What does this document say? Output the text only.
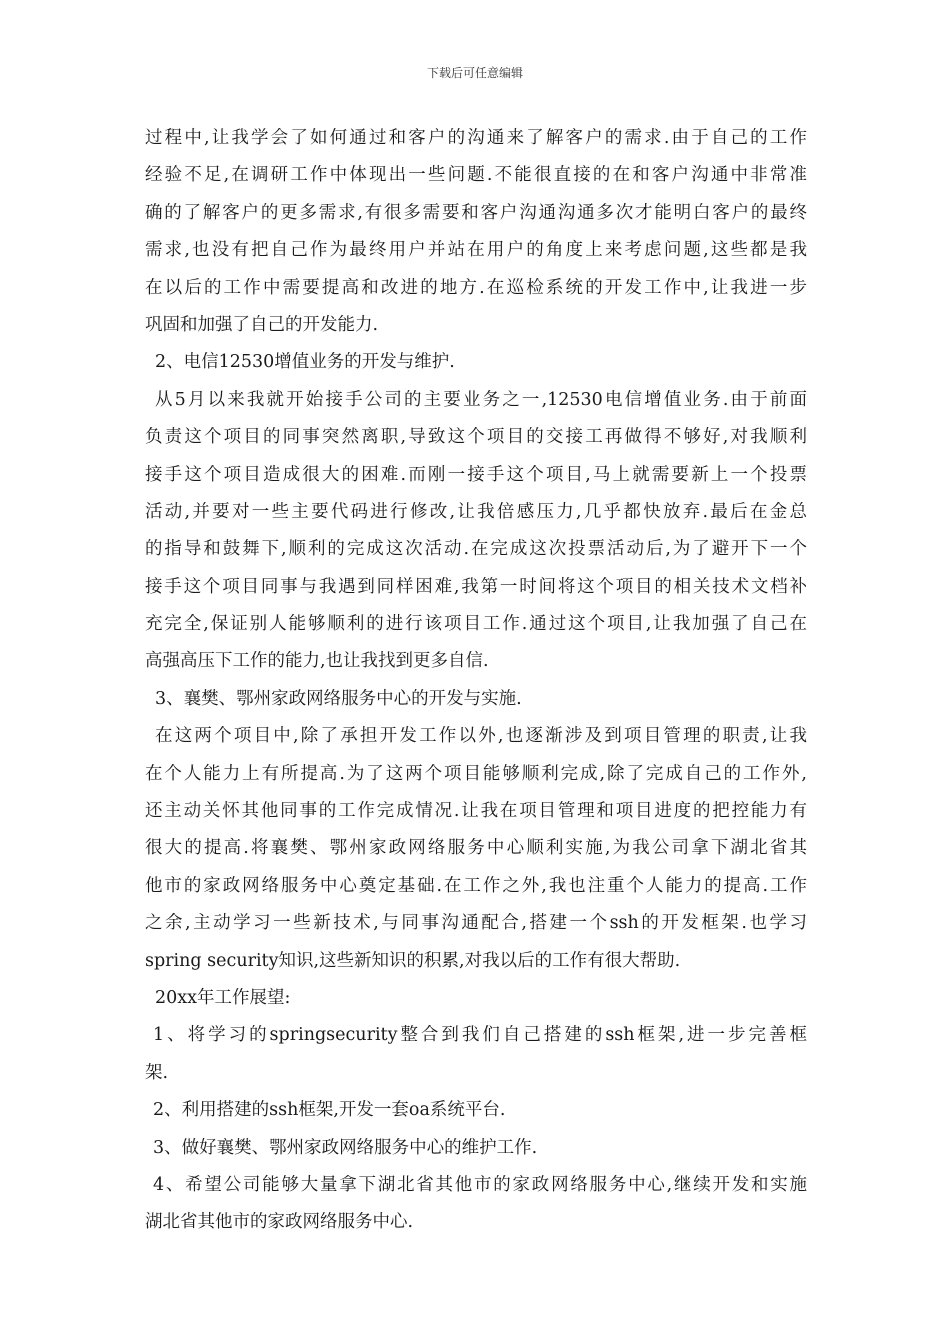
下载后可任意编辑
过程中,让我学会了如何通过和客户的沟通来了解客户的需求.由于自己的工作
经验不足,在调研工作中体现出一些问题.不能很直接的在和客户沟通中非常准
确的了解客户的更多需求,有很多需要和客户沟通沟通多次才能明白客户的最终
需求,也没有把自己作为最终用户并站在用户的角度上来考虑问题,这些都是我
在以后的工作中需要提高和改进的地方.在巡检系统的开发工作中,让我进一步
巩固和加强了自己的开发能力.
2、电信12530增值业务的开发与维护.
从5月以来我就开始接手公司的主要业务之一,12530电信增值业务.由于前面
负责这个项目的同事突然离职,导致这个项目的交接工再做得不够好,对我顺利
接手这个项目造成很大的困难.而刚一接手这个项目,马上就需要新上一个投票
活动,并要对一些主要代码进行修改,让我倍感压力,几乎都快放弃.最后在金总
的指导和鼓舞下,顺利的完成这次活动.在完成这次投票活动后,为了避开下一个
接手这个项目同事与我遇到同样困难,我第一时间将这个项目的相关技术文档补
充完全,保证别人能够顺利的进行该项目工作.通过这个项目,让我加强了自己在
高强高压下工作的能力,也让我找到更多自信.
3、襄樊、鄂州家政网络服务中心的开发与实施.
在这两个项目中,除了承担开发工作以外,也逐渐涉及到项目管理的职责,让我
在个人能力上有所提高.为了这两个项目能够顺利完成,除了完成自己的工作外,
还主动关怀其他同事的工作完成情况.让我在项目管理和项目进度的把控能力有
很大的提高.将襄樊、鄂州家政网络服务中心顺利实施,为我公司拿下湖北省其
他市的家政网络服务中心奠定基础.在工作之外,我也注重个人能力的提高.工作
之余,主动学习一些新技术,与同事沟通配合,搭建一个ssh的开发框架.也学习
spring security知识,这些新知识的积累,对我以后的工作有很大帮助.
20xx年工作展望:
1、将学习的springsecurity整合到我们自己搭建的ssh框架,进一步完善框
架.
2、利用搭建的ssh框架,开发一套oa系统平台.
3、做好襄樊、鄂州家政网络服务中心的维护工作.
4、希望公司能够大量拿下湖北省其他市的家政网络服务中心,继续开发和实施
湖北省其他市的家政网络服务中心.
